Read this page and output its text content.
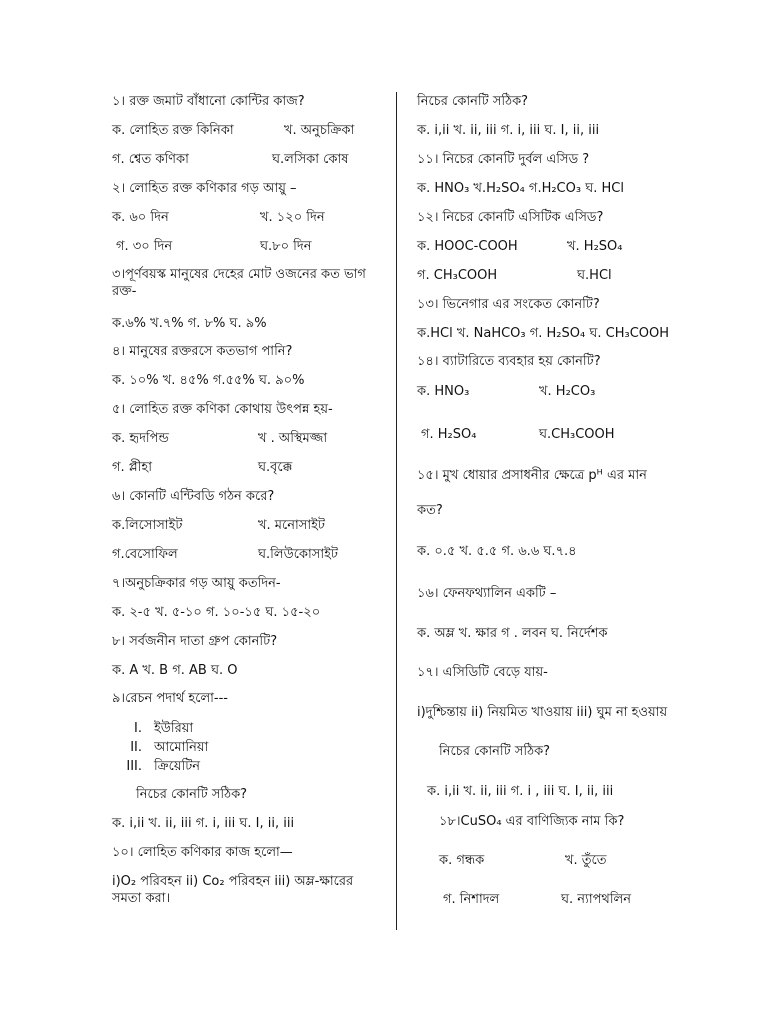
১। রক্ত জমাট বাঁধানো কোন্টির কাজ?
ক. লোহিত রক্ত কিনিকা	খ. অনুচক্রিকা
গ. শ্বেত কণিকা	ঘ.লসিকা কোষ
২। লোহিত রক্ত কণিকার গড় আয়ু –
ক. ৬০ দিন	খ. ১২০ দিন
গ. ৩০ দিন	ঘ.৮০ দিন
৩।পূর্ণবয়স্ক মানুষের দেহের মোট ওজনের কত ভাগ রক্ত-
ক.৬% খ.৭% গ. ৮% ঘ. ৯%
৪। মানুষের রক্তরসে কতভাগ পানি?
ক. ১০% খ. ৪৫% গ.৫৫% ঘ. ৯০%
৫। লোহিত রক্ত কণিকা কোথায় উৎপন্ন হয়-
ক. হৃদপিন্ড	খ . অস্থিমজ্জা
গ. প্লীহা	ঘ.বৃক্কে
৬। কোনটি এন্টিবডি গঠন করে?
ক.লিসোসাইট	খ. মনোসাইট
গ.বেসোফিল	ঘ.লিউকোসাইট
৭।অনুচক্রিকার গড় আয়ু কতদিন-
ক. ২-৫ খ. ৫-১০ গ. ১০-১৫ ঘ. ১৫-২০
৮। সর্বজনীন দাতা গ্রুপ কোনটি?
ক. A খ. B গ. AB ঘ. O
৯।রেচন পদার্থ হলো---
I. ইউরিয়া
II. আমোনিয়া
III. ক্রিয়েটিন
নিচের কোনটি সঠিক?
ক. i,ii খ. ii, iii গ. i, iii ঘ. I, ii, iii
১০। লোহিত কণিকার কাজ হলো—
i)O₂ পরিবহন ii) Co₂ পরিবহন iii) অম্ল-ক্ষারের সমতা করা।
নিচের কোনটি সঠিক?
ক. i,ii খ. ii, iii গ. i, iii ঘ. I, ii, iii
১১। নিচের কোনটি দুর্বল এসিড ?
ক. HNO₃ খ.H₂SO₄ গ.H₂CO₃ ঘ. HCl
১২। নিচের কোনটি এসিটিক এসিড?
ক. HOOC-COOH	খ. H₂SO₄
গ. CH₃COOH	ঘ.HCl
১৩। ভিনেগার এর সংকেত কোনটি?
ক.HCl খ. NaHCO₃ গ. H₂SO₄ ঘ. CH₃COOH
১৪। ব্যাটারিতে ব্যবহার হয় কোনটি?
ক. HNO₃	খ. H₂CO₃
গ. H₂SO₄	ঘ.CH₃COOH
১৫। মুখ ধোয়ার প্রসাধনীর ক্ষেত্রে pᴴ এর মান
কত?
ক. ০.৫ খ. ৫.৫ গ. ৬.৬ ঘ.৭.৪
১৬। ফেনফথ্যালিন একটি –
ক. অম্ল খ. ক্ষার গ . লবন ঘ. নির্দেশক
১৭। এসিডিটি বেড়ে যায়-
i)দুশ্চিন্তায় ii) নিয়মিত খাওয়ায় iii) ঘুম না হওয়ায়
নিচের কোনটি সঠিক?
ক. i,ii খ. ii, iii গ. i , iii ঘ. I, ii, iii
১৮।CuSO₄ এর বাণিজ্যিক নাম কি?
ক. গন্ধক	খ. তুঁতে
গ. নিশাদল	ঘ. ন্যাপথলিন
